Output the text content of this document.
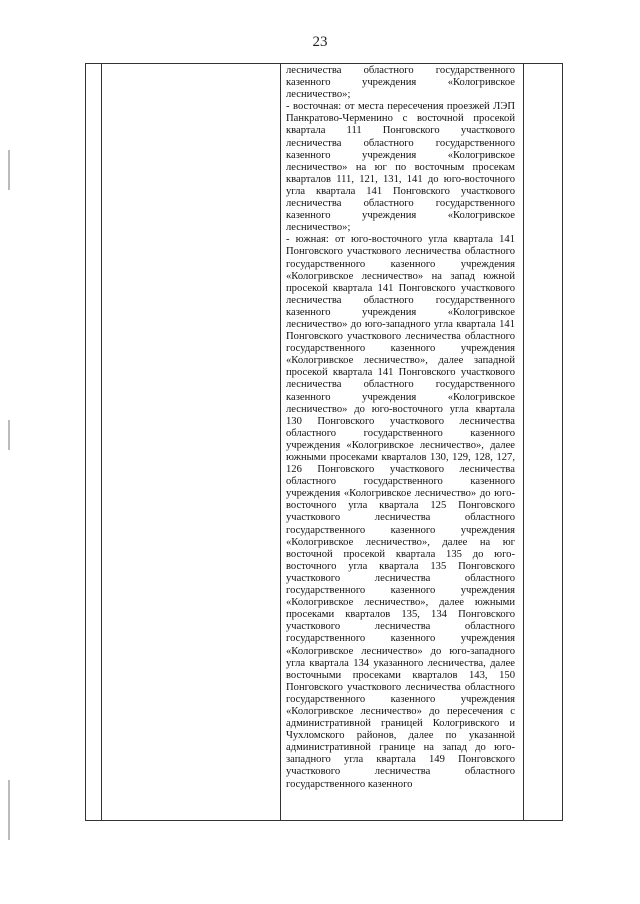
23

лесничества областного государственного казенного учреждения «Кологривское лесничество»;

- восточная: от места пересечения проезжей ЛЭП Панкратово-Черменино с восточной просекой квартала 111 Понговского участкового лесничества областного государственного казенного учреждения «Кологривское лесничество» на юг по восточным просекам кварталов 111, 121, 131, 141 до юго-восточного угла квартала 141 Понговского участкового лесничества областного государственного казенного учреждения «Кологривское лесничество»;

- южная: от юго-восточного угла квартала 141 Понговского участкового лесничества областного государственного казенного учреждения «Кологривское лесничество» на запад южной просекой квартала 141 Понговского участкового лесничества областного государственного казенного учреждения «Кологривское лесничество» до юго-западного угла квартала 141 Понговского участкового лесничества областного государственного казенного учреждения «Кологривское лесничество», далее западной просекой квартала 141 Понговского участкового лесничества областного государственного казенного учреждения «Кологривское лесничество» до юго-восточного угла квартала 130 Понговского участкового лесничества областного государственного казенного учреждения «Кологривское лесничество», далее южными просеками кварталов 130, 129, 128, 127, 126 Понговского участкового лесничества областного государственного казенного учреждения «Кологривское лесничество» до юго-восточного угла квартала 125 Понговского участкового лесничества областного государственного казенного учреждения «Кологривское лесничество», далее на юг восточной просекой квартала 135 до юго-восточного угла квартала 135 Понговского участкового лесничества областного государственного казенного учреждения «Кологривское лесничество», далее южными просеками кварталов 135, 134 Понговского участкового лесничества областного государственного казенного учреждения «Кологривское лесничество» до юго-западного угла квартала 134 указанного лесничества, далее восточными просеками кварталов 143, 150 Понговского участкового лесничества областного государственного казенного учреждения «Кологривское лесничество» до пересечения с административной границей Кологривского и Чухломского районов, далее по указанной административной границе на запад до юго-западного угла квартала 149 Понговского участкового лесничества областного государственного казенного
